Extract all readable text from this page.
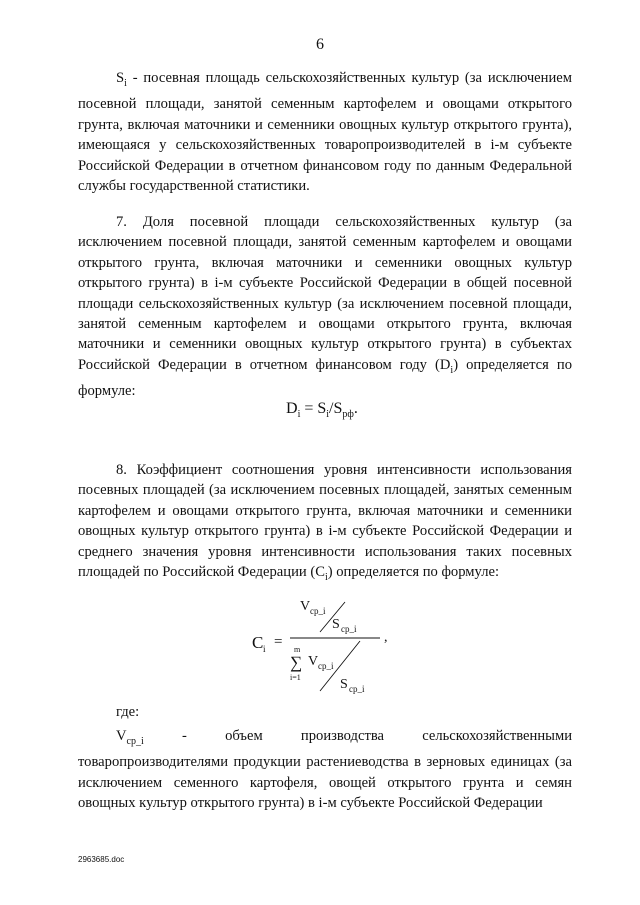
6

$S_i$ - посевная площадь сельскохозяйственных культур (за исключением посевной площади, занятой семенным картофелем и овощами открытого грунта, включая маточники и семенники овощных культур открытого грунта), имеющаяся у сельскохозяйственных товаропроизводителей в i-м субъекте Российской Федерации в отчетном финансовом году по данным Федеральной службы государственной статистики.

7. Доля посевной площади сельскохозяйственных культур (за исключением посевной площади, занятой семенным картофелем и овощами открытого грунта, включая маточники и семенники овощных культур открытого грунта) в i-м субъекте Российской Федерации в общей посевной площади сельскохозяйственных культур (за исключением посевной площади, занятой семенным картофелем и овощами открытого грунта, включая маточники и семенники овощных культур открытого грунта) в субъектах Российской Федерации в отчетном финансовом году $(D_i)$ определяется по формуле:

$D_i = S_i/S_{рф}$.

8. Коэффициент соотношения уровня интенсивности использования посевных площадей (за исключением посевных площадей, занятых семенным картофелем и овощами открытого грунта, включая маточники и семенники овощных культур открытого грунта) в i-м субъекте Российской Федерации и среднего значения уровня интенсивности использования таких посевных площадей по Российской Федерации $(C_i)$ определяется по формуле:

C i =
V ср_i
S ср_i
,
m
∑
i=1
V ср_i
S ср_i
где:

$V_{ср\_i}$ - объем производства сельскохозяйственными товаропроизводителями продукции растениеводства в зерновых единицах (за исключением семенного картофеля, овощей открытого грунта и семян овощных культур открытого грунта) в i-м субъекте Российской Федерации

2963685.doc
